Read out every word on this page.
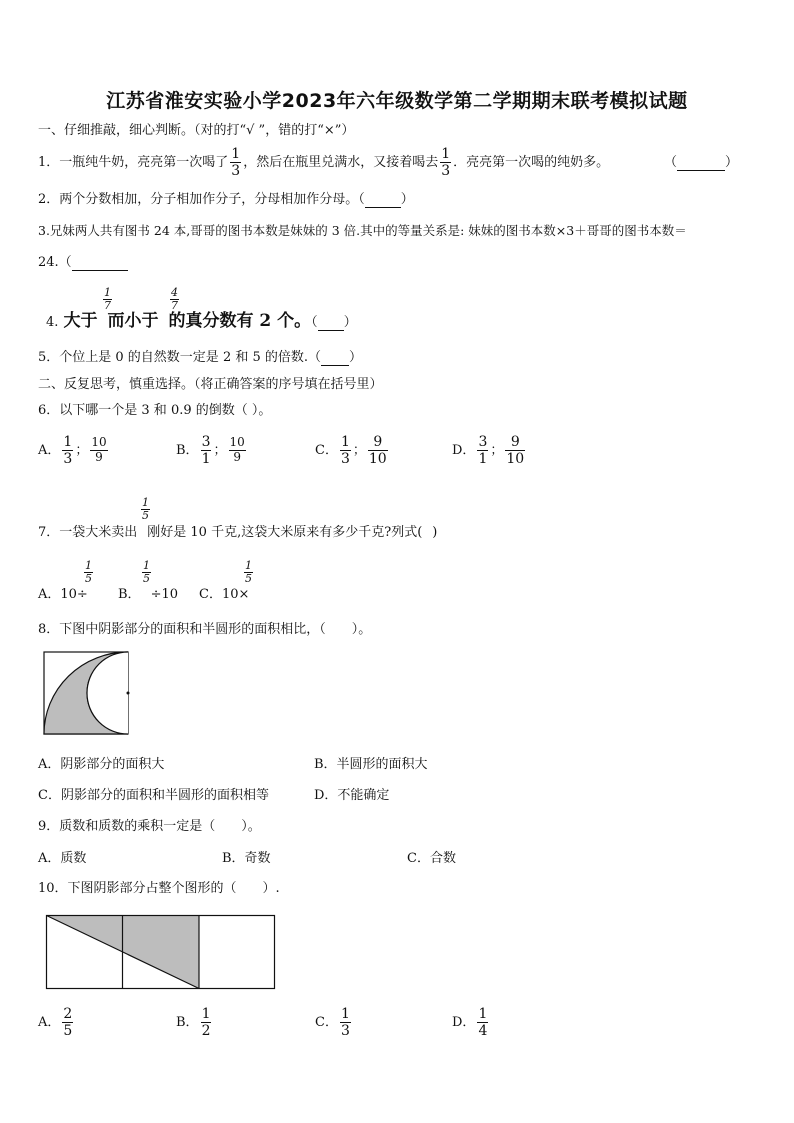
江苏省淮安实验小学2023年六年级数学第二学期期末联考模拟试题
一、仔细推敲，细心判断。（对的打“√ ”，错的打“×”）
1．一瓶纯牛奶，亮亮第一次喝了 $\frac{1}{3}$ ，然后在瓶里兑满水，又接着喝去 $\frac{1}{3}$ ．亮亮第一次喝的纯奶多。	（	）
2．两个分数相加，分子相加作分子，分母相加作分母。（	）
3.兄妹两人共有图书 24 本,哥哥的图书本数是妹妹的 3 倍.其中的等量关系是: 妹妹的图书本数×3＋哥哥的图书本数＝
24.（
1
7
4
7
4. 大于 而小于 的真分数有 2 个。（ ）
5．个位上是 0 的自然数一定是 2 和 5 的倍数.（ ）
二、反复思考，慎重选择。（将正确答案的序号填在括号里）
6．以下哪一个是 3 和 0.9 的倒数（ ）。
A． $\frac{1}{3}$ ； $\frac{10}{9}$	B． $\frac{3}{1}$ ； $\frac{10}{9}$	C． $\frac{1}{3}$ ； $\frac{9}{10}$	D． $\frac{3}{1}$ ； $\frac{9}{10}$
1
5
7．一袋大米卖出 刚好是 10 千克,这袋大米原来有多少千克?列式( )
1
5
A．10÷
1
5
B． ÷10
1
5
C．10×
8．下图中阴影部分的面积和半圆形的面积相比，（　　）。
A．阴影部分的面积大	B．半圆形的面积大
C．阴影部分的面积和半圆形的面积相等	D．不能确定
9．质数和质数的乘积一定是（　　）。
A．质数	B．奇数	C．合数
10．下图阴影部分占整个图形的（　　）.
A． $\frac{2}{5}$	B． $\frac{1}{2}$	C． $\frac{1}{3}$	D． $\frac{1}{4}$
